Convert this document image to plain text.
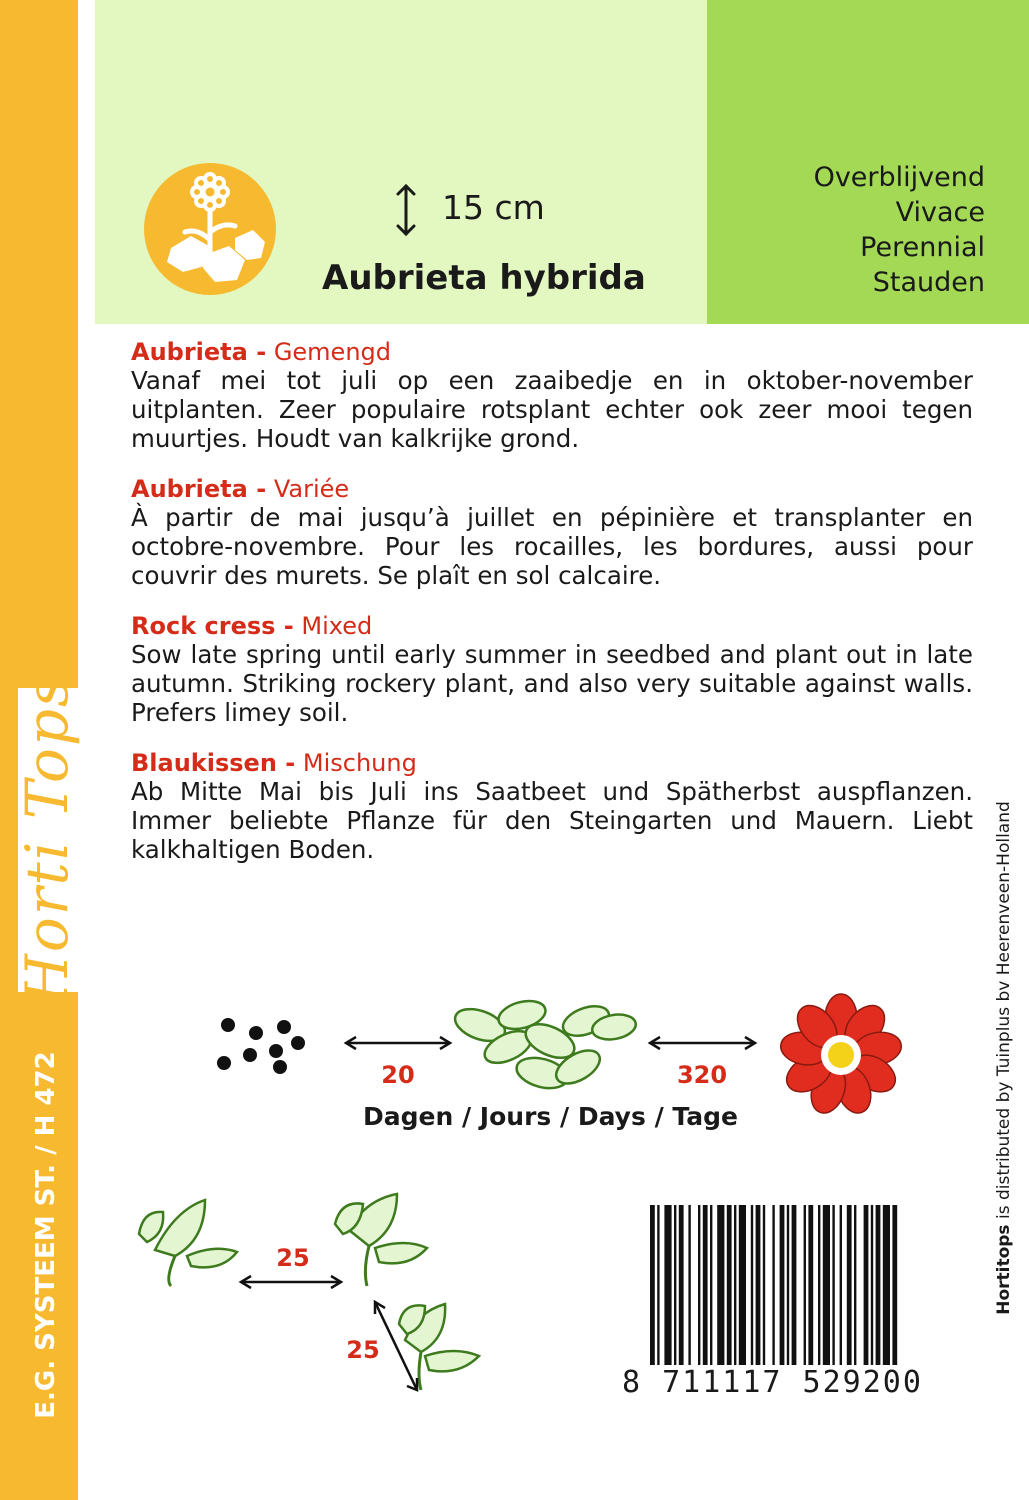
Horti Tops
E.G. SYSTEEM ST. / H 472
15 cm
Aubrieta hybrida
Overblijvend
Vivace
Perennial
Stauden
Aubrieta - Gemengd

Vanaf mei tot juli op een zaaibedje en in oktober-november uitplanten. Zeer populaire rotsplant echter ook zeer mooi tegen muurtjes. Houdt van kalkrijke grond.

Aubrieta - Variée

À partir de mai jusqu’à juillet en pépinière et transplanter en octobre-novembre. Pour les rocailles, les bordures, aussi pour couvrir des murets. Se plaît en sol calcaire.

Rock cress - Mixed

Sow late spring until early summer in seedbed and plant out in late autumn. Striking rockery plant, and also very suitable against walls. Prefers limey soil.

Blaukissen - Mischung

Ab Mitte Mai bis Juli ins Saatbeet und Spätherbst auspflanzen. Immer beliebte Pflanze für den Steingarten und Mauern. Liebt kalkhaltigen Boden.

20	320
Dagen / Jours / Days / Tage
25
25
8 711117 529200
Hortitops is distributed by Tuinplus bv Heerenveen-Holland
